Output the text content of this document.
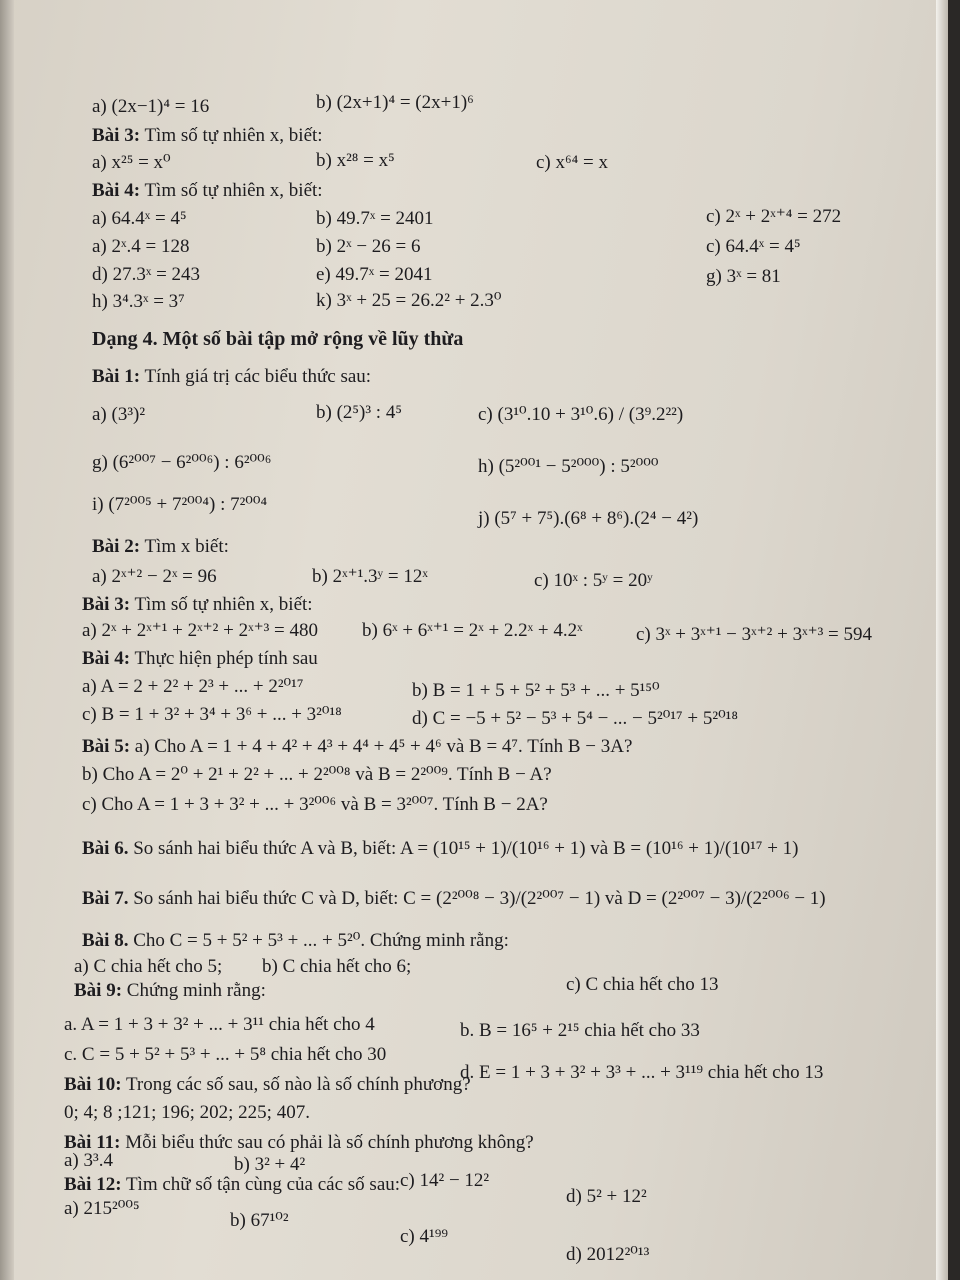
a) (2x−1)⁴ = 16	b) (2x+1)⁴ = (2x+1)⁶
Bài 3: Tìm số tự nhiên x, biết:
a) x²⁵ = x⁰	b) x²⁸ = x⁵	c) x⁶⁴ = x
Bài 4: Tìm số tự nhiên x, biết:
a) 64.4ˣ = 4⁵	b) 49.7ˣ = 2401	c) 2ˣ + 2ˣ⁺⁴ = 272
a) 2ˣ.4 = 128	b) 2ˣ − 26 = 6	c) 64.4ˣ = 4⁵
d) 27.3ˣ = 243	e) 49.7ˣ = 2041	g) 3ˣ = 81
h) 3⁴.3ˣ = 3⁷	k) 3ˣ + 25 = 26.2² + 2.3⁰
Dạng 4. Một số bài tập mở rộng về lũy thừa
Bài 1: Tính giá trị các biểu thức sau:
a) (3³)²	b) (2⁵)³ : 4⁵	c) (3¹⁰.10 + 3¹⁰.6) / (3⁹.2²²)
g) (6²⁰⁰⁷ − 6²⁰⁰⁶) : 6²⁰⁰⁶	h) (5²⁰⁰¹ − 5²⁰⁰⁰) : 5²⁰⁰⁰
i) (7²⁰⁰⁵ + 7²⁰⁰⁴) : 7²⁰⁰⁴
j) (5⁷ + 7⁵).(6⁸ + 8⁶).(2⁴ − 4²)
Bài 2: Tìm x biết:
a) 2ˣ⁺² − 2ˣ = 96	b) 2ˣ⁺¹.3ʸ = 12ˣ	c) 10ˣ : 5ʸ = 20ʸ
Bài 3: Tìm số tự nhiên x, biết:
a) 2ˣ + 2ˣ⁺¹ + 2ˣ⁺² + 2ˣ⁺³ = 480 b) 6ˣ + 6ˣ⁺¹ = 2ˣ + 2.2ˣ + 4.2ˣ	c) 3ˣ + 3ˣ⁺¹ − 3ˣ⁺² + 3ˣ⁺³ = 594
Bài 4: Thực hiện phép tính sau
a) A = 2 + 2² + 2³ + ... + 2²⁰¹⁷	b) B = 1 + 5 + 5² + 5³ + ... + 5¹⁵⁰
c) B = 1 + 3² + 3⁴ + 3⁶ + ... + 3²⁰¹⁸	d) C = −5 + 5² − 5³ + 5⁴ − ... − 5²⁰¹⁷ + 5²⁰¹⁸
Bài 5: a) Cho A = 1 + 4 + 4² + 4³ + 4⁴ + 4⁵ + 4⁶ và B = 4⁷. Tính B − 3A?
b) Cho A = 2⁰ + 2¹ + 2² + ... + 2²⁰⁰⁸ và B = 2²⁰⁰⁹. Tính B − A?
c) Cho A = 1 + 3 + 3² + ... + 3²⁰⁰⁶ và B = 3²⁰⁰⁷. Tính B − 2A?
Bài 6. So sánh hai biểu thức A và B, biết: A = (10¹⁵ + 1)/(10¹⁶ + 1) và B = (10¹⁶ + 1)/(10¹⁷ + 1)
Bài 7. So sánh hai biểu thức C và D, biết: C = (2²⁰⁰⁸ − 3)/(2²⁰⁰⁷ − 1) và D = (2²⁰⁰⁷ − 3)/(2²⁰⁰⁶ − 1)
Bài 8. Cho C = 5 + 5² + 5³ + ... + 5²⁰. Chứng minh rằng:
a) C chia hết cho 5; b) C chia hết cho 6;
c) C chia hết cho 13
Bài 9: Chứng minh rằng:
a. A = 1 + 3 + 3² + ... + 3¹¹ chia hết cho 4	b. B = 16⁵ + 2¹⁵ chia hết cho 33
c. C = 5 + 5² + 5³ + ... + 5⁸ chia hết cho 30
d. E = 1 + 3 + 3² + 3³ + ... + 3¹¹⁹ chia hết cho 13
Bài 10: Trong các số sau, số nào là số chính phương?
0; 4; 8 ;121; 196; 202; 225; 407.
Bài 11: Mỗi biểu thức sau có phải là số chính phương không?
a) 3³.4	b) 3² + 4²
c) 14² − 12²
d) 5² + 12²
Bài 12: Tìm chữ số tận cùng của các số sau:
a) 215²⁰⁰⁵
b) 67¹⁰²
c) 4¹⁹⁹
d) 2012²⁰¹³
